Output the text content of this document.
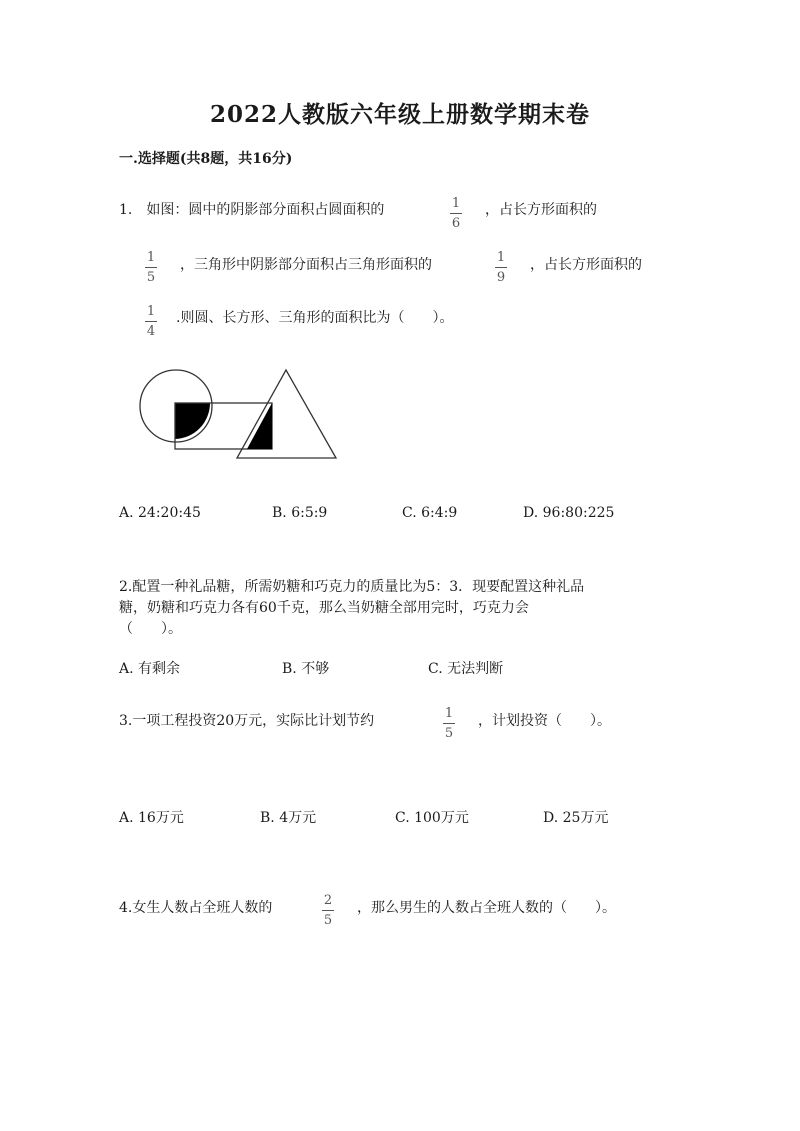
2022人教版六年级上册数学期末卷
一.选择题(共8题，共16分)
1.　如图：圆中的阴影部分面积占圆面积的	1
6
，占长方形面积的
1
5
，三角形中阴影部分面积占三角形面积的	1
9
，占长方形面积的
1
4
.则圆、长方形、三角形的面积比为（　　）。
A. 24:20:45	B. 6:5:9	C. 6:4:9	D. 96:80:225
2.配置一种礼品糖，所需奶糖和巧克力的质量比为5：3．现要配置这种礼品
糖，奶糖和巧克力各有60千克，那么当奶糖全部用完时，巧克力会
（　　）。
A. 有剩余	B. 不够	C. 无法判断
3.一项工程投资20万元，实际比计划节约	1
5
，计划投资（　　）。
A. 16万元	B. 4万元	C. 100万元	D. 25万元
4.女生人数占全班人数的	2
5
，那么男生的人数占全班人数的（　　）。
